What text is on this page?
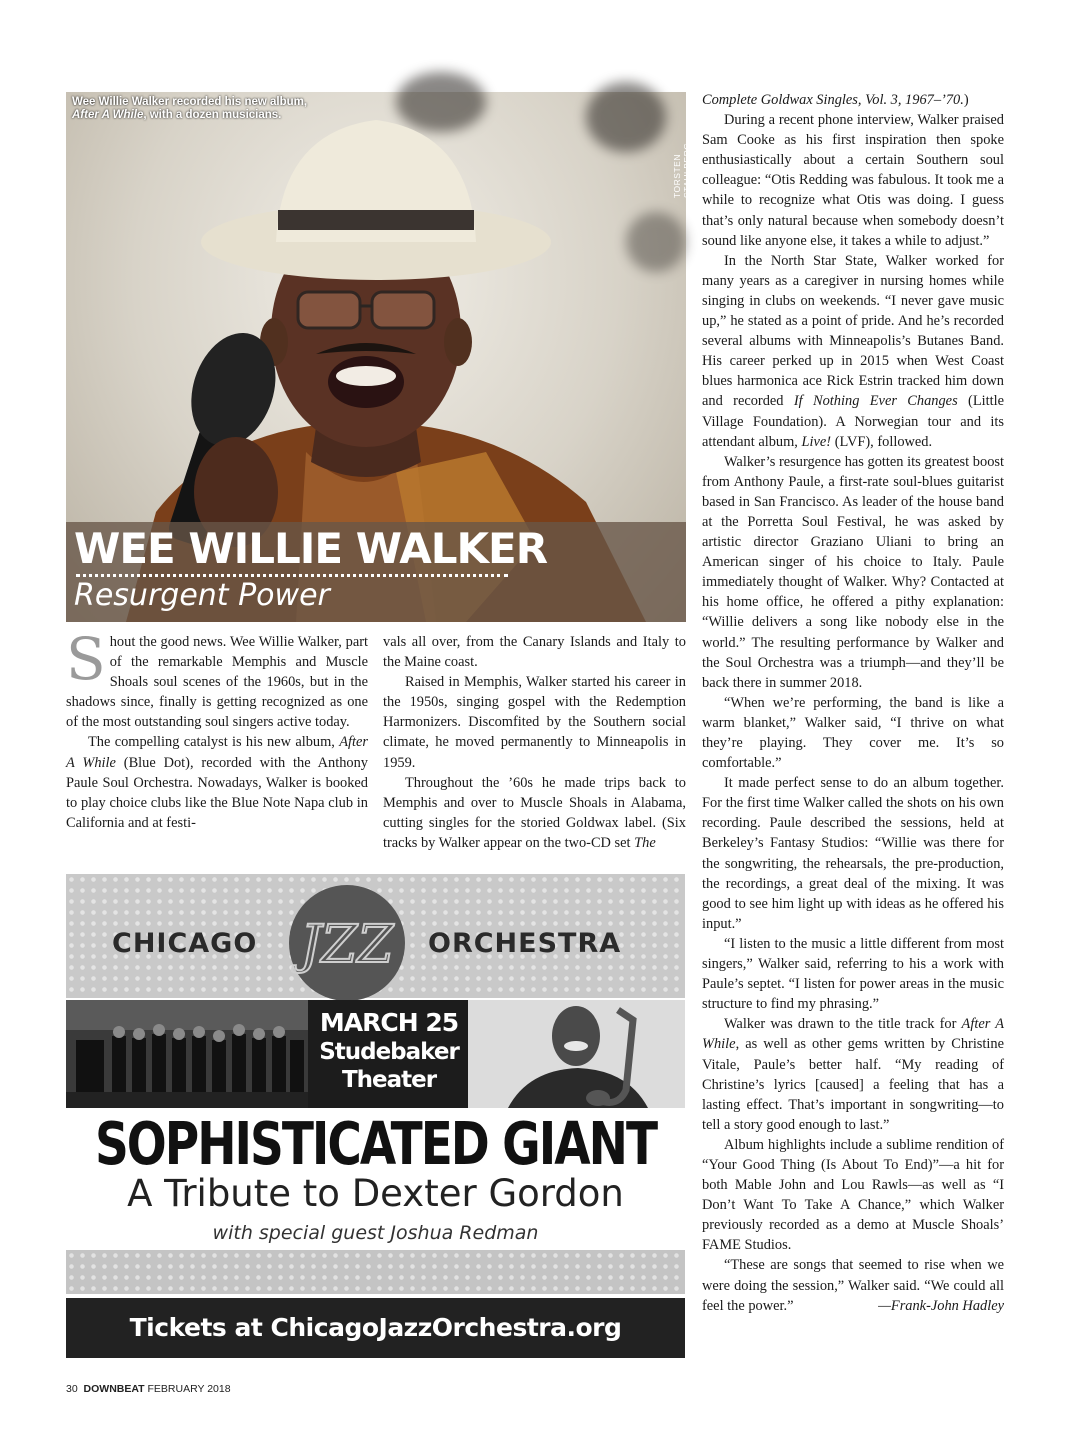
Wee Willie Walker recorded his new album,
After A While, with a dozen musicians.
TORSTEN STAHLBERG
WEE WILLIE WALKER
Resurgent Power

Shout the good news. Wee Willie Walker, part of the remarkable Memphis and Muscle Shoals soul scenes of the 1960s, but in the shadows since, finally is getting recognized as one of the most outstanding soul singers active today.

The compelling catalyst is his new album, After A While (Blue Dot), recorded with the Anthony Paule Soul Orchestra. Nowadays, Walker is booked to play choice clubs like the Blue Note Napa club in California and at festi-

vals all over, from the Canary Islands and Italy to the Maine coast.

Raised in Memphis, Walker started his career in the 1950s, singing gospel with the Redemption Harmonizers. Discomfited by the Southern social climate, he moved permanently to Minneapolis in 1959.

Throughout the ’60s he made trips back to Memphis and over to Muscle Shoals in Alabama, cutting singles for the storied Goldwax label. (Six tracks by Walker appear on the two-CD set The

Complete Goldwax Singles, Vol. 3, 1967–’70.)

During a recent phone interview, Walker praised Sam Cooke as his first inspiration then spoke enthusiastically about a certain Southern soul colleague: “Otis Redding was fabulous. It took me a while to recognize what Otis was doing. I guess that’s only natural because when somebody doesn’t sound like anyone else, it takes a while to adjust.”

In the North Star State, Walker worked for many years as a caregiver in nursing homes while singing in clubs on weekends. “I never gave music up,” he stated as a point of pride. And he’s recorded several albums with Minneapolis’s Butanes Band. His career perked up in 2015 when West Coast blues harmonica ace Rick Estrin tracked him down and recorded If Nothing Ever Changes (Little Village Foundation). A Norwegian tour and its attendant album, Live! (LVF), followed.

Walker’s resurgence has gotten its greatest boost from Anthony Paule, a first-rate soul-blues guitarist based in San Francisco. As leader of the house band at the Porretta Soul Festival, he was asked by artistic director Graziano Uliani to bring an American singer of his choice to Italy. Paule immediately thought of Walker. Why? Contacted at his home office, he offered a pithy explanation: “Willie delivers a song like nobody else in the world.” The resulting performance by Walker and the Soul Orchestra was a triumph—and they’ll be back there in summer 2018.

“When we’re performing, the band is like a warm blanket,” Walker said, “I thrive on what they’re playing. They cover me. It’s so comfortable.”

It made perfect sense to do an album together. For the first time Walker called the shots on his own recording. Paule described the sessions, held at Berkeley’s Fantasy Studios: “Willie was there for the songwriting, the rehearsals, the pre-production, the recordings, a great deal of the mixing. It was good to see him light up with ideas as he offered his input.”

“I listen to the music a little different from most singers,” Walker said, referring to his a work with Paule’s septet. “I listen for power areas in the music structure to find my phrasing.”

Walker was drawn to the title track for After A While, as well as other gems written by Christine Vitale, Paule’s better half. “My reading of Christine’s lyrics [caused] a feeling that has a lasting effect. That’s important in songwriting—to tell a story good enough to last.”

Album highlights include a sublime rendition of “Your Good Thing (Is About To End)”—a hit for both Mable John and Lou Rawls—as well as “I Don’t Want To Take A Chance,” which Walker previously recorded as a demo at Muscle Shoals’ FAME Studios.

“These are songs that seemed to rise when we were doing the session,” Walker said. “We could all feel the power.”	—Frank-John Hadley

CHICAGO JZZ ORCHESTRA
MARCH 25
Studebaker
Theater
SOPHISTICATED GIANT
A Tribute to Dexter Gordon
with special guest Joshua Redman
Tickets at ChicagoJazzOrchestra.org
30 DOWNBEAT FEBRUARY 2018
